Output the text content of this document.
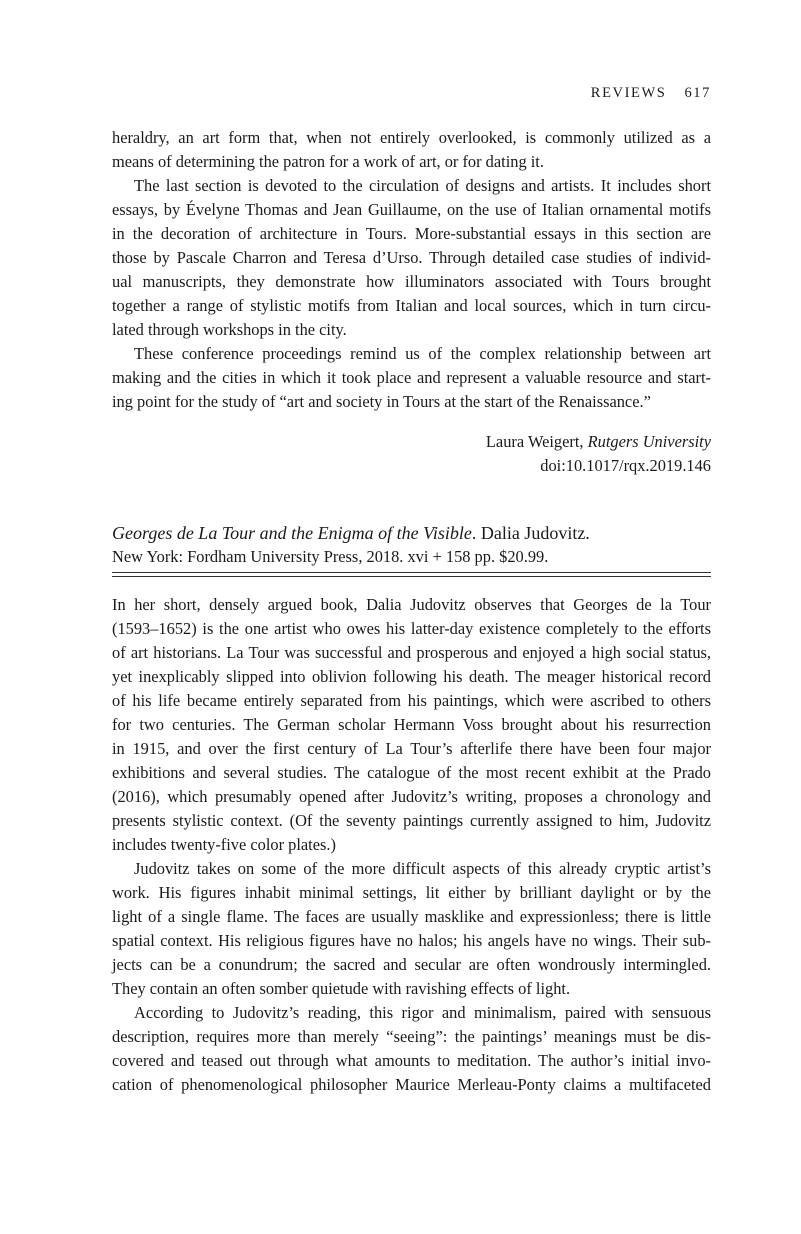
REVIEWS 617
heraldry, an art form that, when not entirely overlooked, is commonly utilized as a
means of determining the patron for a work of art, or for dating it.
The last section is devoted to the circulation of designs and artists. It includes short
essays, by Évelyne Thomas and Jean Guillaume, on the use of Italian ornamental motifs
in the decoration of architecture in Tours. More-substantial essays in this section are
those by Pascale Charron and Teresa d’Urso. Through detailed case studies of individ-
ual manuscripts, they demonstrate how illuminators associated with Tours brought
together a range of stylistic motifs from Italian and local sources, which in turn circu-
lated through workshops in the city.
These conference proceedings remind us of the complex relationship between art
making and the cities in which it took place and represent a valuable resource and start-
ing point for the study of “art and society in Tours at the start of the Renaissance.”
Laura Weigert, Rutgers University
doi:10.1017/rqx.2019.146
Georges de La Tour and the Enigma of the Visible. Dalia Judovitz.
New York: Fordham University Press, 2018. xvi + 158 pp. $20.99.
In her short, densely argued book, Dalia Judovitz observes that Georges de la Tour
(1593–1652) is the one artist who owes his latter-day existence completely to the efforts
of art historians. La Tour was successful and prosperous and enjoyed a high social status,
yet inexplicably slipped into oblivion following his death. The meager historical record
of his life became entirely separated from his paintings, which were ascribed to others
for two centuries. The German scholar Hermann Voss brought about his resurrection
in 1915, and over the first century of La Tour’s afterlife there have been four major
exhibitions and several studies. The catalogue of the most recent exhibit at the Prado
(2016), which presumably opened after Judovitz’s writing, proposes a chronology and
presents stylistic context. (Of the seventy paintings currently assigned to him, Judovitz
includes twenty-five color plates.)
Judovitz takes on some of the more difficult aspects of this already cryptic artist’s
work. His figures inhabit minimal settings, lit either by brilliant daylight or by the
light of a single flame. The faces are usually masklike and expressionless; there is little
spatial context. His religious figures have no halos; his angels have no wings. Their sub-
jects can be a conundrum; the sacred and secular are often wondrously intermingled.
They contain an often somber quietude with ravishing effects of light.
According to Judovitz’s reading, this rigor and minimalism, paired with sensuous
description, requires more than merely “seeing”: the paintings’ meanings must be dis-
covered and teased out through what amounts to meditation. The author’s initial invo-
cation of phenomenological philosopher Maurice Merleau-Ponty claims a multifaceted
